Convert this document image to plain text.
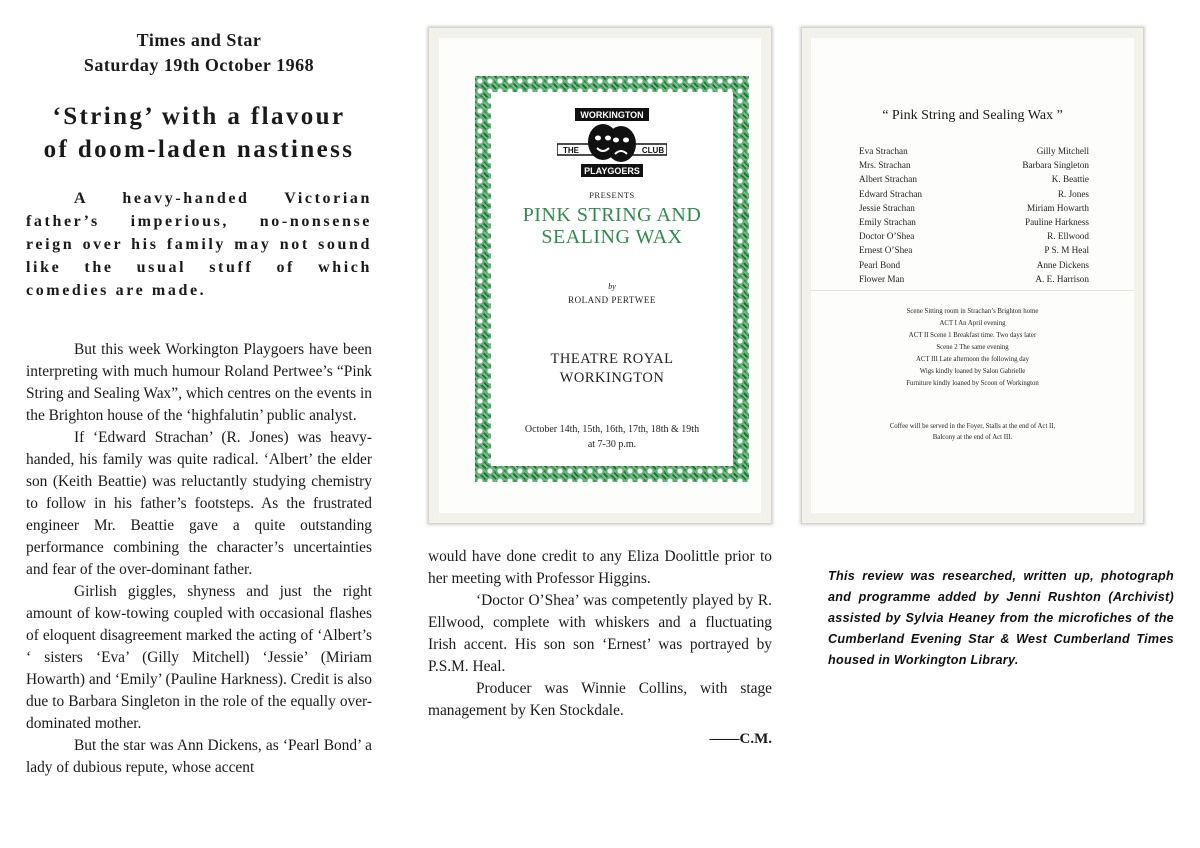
Times and Star
Saturday 19th October 1968
‘String’ with a flavour
of doom-laden nastiness
A heavy-handed Victorian father’s imperious, no-nonsense reign over his family may not sound like the usual stuff of which comedies are made.

But this week Workington Playgoers have been interpreting with much humour Roland Pertwee’s “Pink String and Sealing Wax”, which centres on the events in the Brighton house of the ‘highfalutin’ public analyst.

If ‘Edward Strachan’ (R. Jones) was heavy-handed, his family was quite radical. ‘Albert’ the elder son (Keith Beattie) was reluctantly studying chemistry to follow in his father’s footsteps. As the frustrated engineer Mr. Beattie gave a quite outstanding performance combining the character’s uncertainties and fear of the over-dominant father.

Girlish giggles, shyness and just the right amount of kow-towing coupled with occasional flashes of eloquent disagreement marked the acting of ‘Albert’s ‘ sisters ‘Eva’ (Gilly Mitchell) ‘Jessie’ (Miriam Howarth) and ‘Emily’ (Pauline Harkness). Credit is also due to Barbara Singleton in the role of the equally over-dominated mother.

But the star was Ann Dickens, as ‘Pearl Bond’ a lady of dubious repute, whose accent

WORKINGTON
THE	CLUB
PLAYGOERS
PRESENTS
PINK STRING AND
SEALING WAX
by
ROLAND PERTWEE
THEATRE ROYAL
WORKINGTON
October 14th, 15th, 16th, 17th, 18th & 19th
at 7-30 p.m.
“ Pink String and Sealing Wax ”
Eva Strachan	Gilly Mitchell
Mrs. Strachan	Barbara Singleton
Albert Strachan	K. Beattie
Edward Strachan	R. Jones
Jessie Strachan	Miriam Howarth
Emily Strachan	Pauline Harkness
Doctor O’Shea	R. Ellwood
Ernest O’Shea	P S. M Heal
Pearl Bond	Anne Dickens
Flower Man	A. E. Harrison
Scene Sitting room in Strachan’s Brighton home
ACT I An April evening
ACT II Scene 1 Breakfast time. Two days later
Scene 2 The same evening
ACT III Late afternoon the following day
Wigs kindly loaned by Salon Gabrielle
Furniture kindly loaned by Scoon of Workington
Coffee will be served in the Foyer, Stalls at the end of Act II,
Balcony at the end of Act III.
would have done credit to any Eliza Doolittle prior to her meeting with Professor Higgins.

‘Doctor O’Shea’ was competently played by R. Ellwood, complete with whiskers and a fluctuating Irish accent. His son son ‘Ernest’ was portrayed by P.S.M. Heal.

Producer was Winnie Collins, with stage management by Ken Stockdale.

——C.M.
This review was researched, written up, photograph and programme added by Jenni Rushton (Archivist) assisted by Sylvia Heaney from the microfiches of the Cumberland Evening Star & West Cumberland Times housed in Workington Library.
